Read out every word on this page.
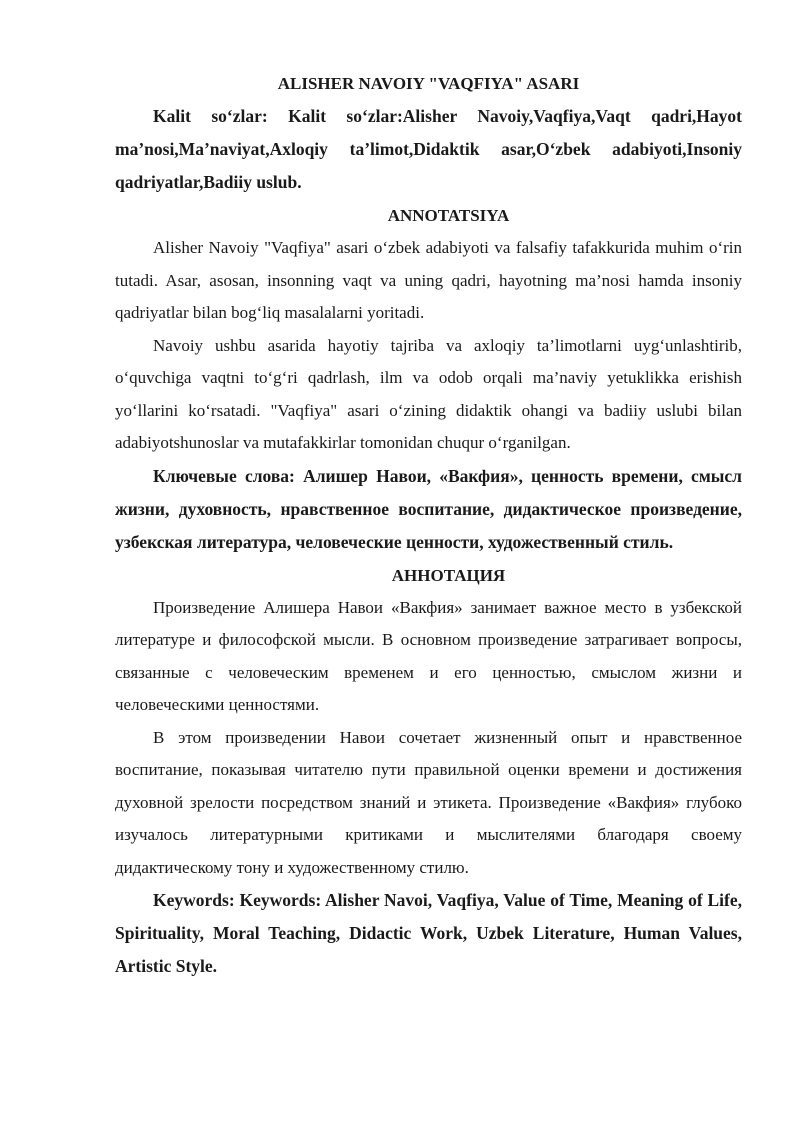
ALISHER NAVOIY "VAQFIYA" ASARI

Kalit so‘zlar: Kalit so‘zlar:Alisher Navoiy,Vaqfiya,Vaqt qadri,Hayot ma’nosi,Ma’naviyat,Axloqiy ta’limot,Didaktik asar,O‘zbek adabiyoti,Insoniy qadriyatlar,Badiiy uslub.

ANNOTATSIYA

Alisher Navoiy "Vaqfiya" asari o‘zbek adabiyoti va falsafiy tafakkurida muhim o‘rin tutadi. Asar, asosan, insonning vaqt va uning qadri, hayotning ma’nosi hamda insoniy qadriyatlar bilan bog‘liq masalalarni yoritadi.

Navoiy ushbu asarida hayotiy tajriba va axloqiy ta’limotlarni uyg‘unlashtirib, o‘quvchiga vaqtni to‘g‘ri qadrlash, ilm va odob orqali ma’naviy yetuklikka erishish yo‘llarini ko‘rsatadi. "Vaqfiya" asari o‘zining didaktik ohangi va badiiy uslubi bilan adabiyotshunoslar va mutafakkirlar tomonidan chuqur o‘rganilgan.

Ключевые слова: Алишер Навои, «Вакфия», ценность времени, смысл жизни, духовность, нравственное воспитание, дидактическое произведение, узбекская литература, человеческие ценности, художественный стиль.

АННОТАЦИЯ

Произведение Алишера Навои «Вакфия» занимает важное место в узбекской литературе и философской мысли. В основном произведение затрагивает вопросы, связанные с человеческим временем и его ценностью, смыслом жизни и человеческими ценностями.

В этом произведении Навои сочетает жизненный опыт и нравственное воспитание, показывая читателю пути правильной оценки времени и достижения духовной зрелости посредством знаний и этикета. Произведение «Вакфия» глубоко изучалось литературными критиками и мыслителями благодаря своему дидактическому тону и художественному стилю.

Keywords: Keywords: Alisher Navoi, Vaqfiya, Value of Time, Meaning of Life, Spirituality, Moral Teaching, Didactic Work, Uzbek Literature, Human Values, Artistic Style.
